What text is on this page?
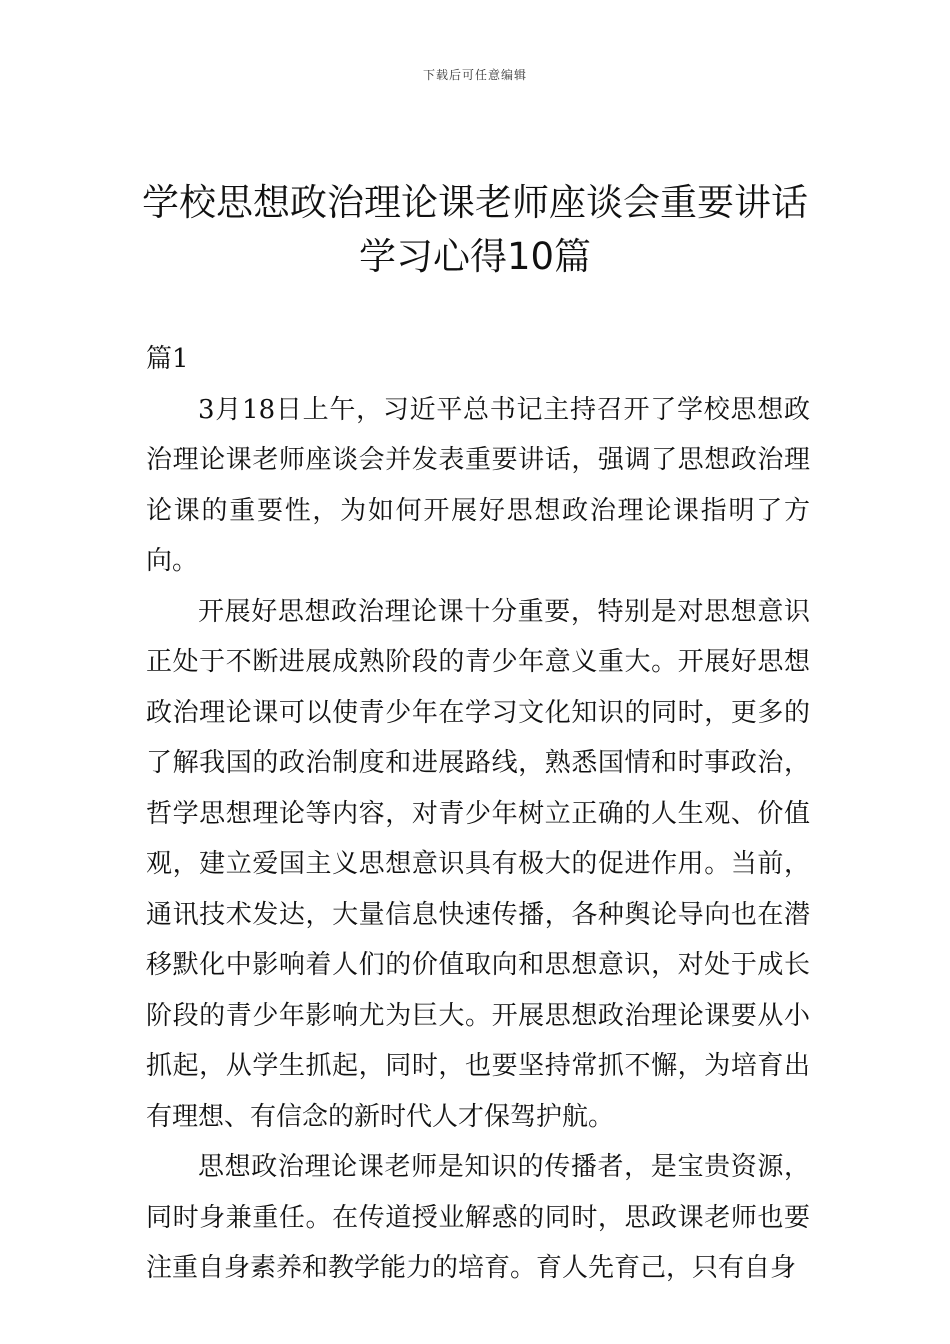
下载后可任意编辑
学校思想政治理论课老师座谈会重要讲话
学习心得10篇
篇1

3月18日上午，习近平总书记主持召开了学校思想政治理论课老师座谈会并发表重要讲话，强调了思想政治理论课的重要性，为如何开展好思想政治理论课指明了方向。

开展好思想政治理论课十分重要，特别是对思想意识正处于不断进展成熟阶段的青少年意义重大。开展好思想政治理论课可以使青少年在学习文化知识的同时，更多的了解我国的政治制度和进展路线，熟悉国情和时事政治，哲学思想理论等内容，对青少年树立正确的人生观、价值观，建立爱国主义思想意识具有极大的促进作用。当前，通讯技术发达，大量信息快速传播，各种舆论导向也在潜移默化中影响着人们的价值取向和思想意识，对处于成长阶段的青少年影响尤为巨大。开展思想政治理论课要从小抓起，从学生抓起，同时，也要坚持常抓不懈，为培育出有理想、有信念的新时代人才保驾护航。

思想政治理论课老师是知识的传播者，是宝贵资源，同时身兼重任。在传道授业解惑的同时，思政课老师也要注重自身素养和教学能力的培育。育人先育己，只有自身
